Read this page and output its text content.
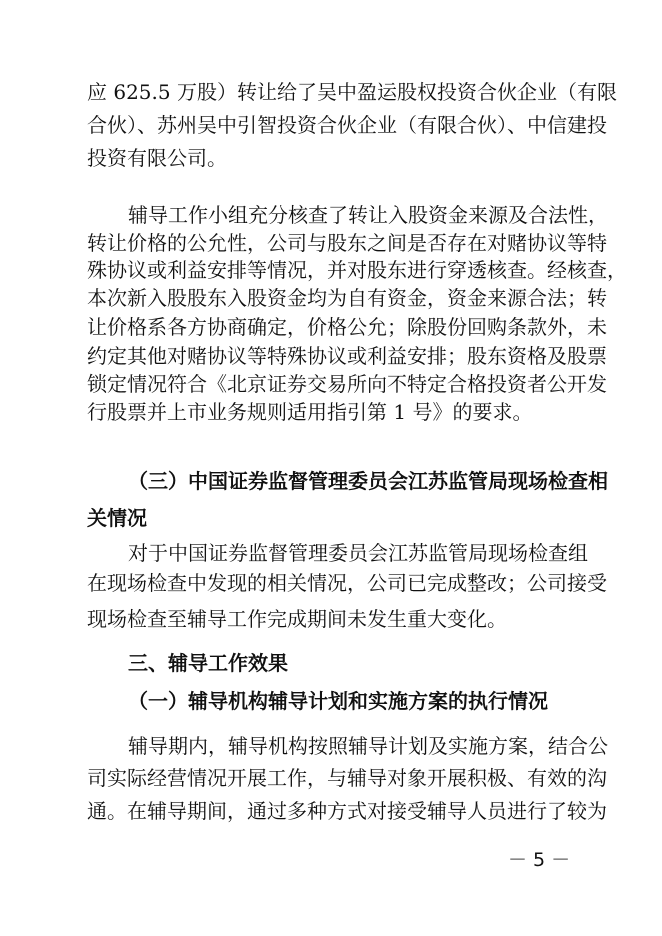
应 625.5 万股）转让给了吴中盈运股权投资合伙企业（有限
合伙）、苏州吴中引智投资合伙企业（有限合伙）、中信建投
投资有限公司。
辅导工作小组充分核查了转让入股资金来源及合法性，
转让价格的公允性，公司与股东之间是否存在对赌协议等特
殊协议或利益安排等情况，并对股东进行穿透核查。经核查，
本次新入股股东入股资金均为自有资金，资金来源合法；转
让价格系各方协商确定，价格公允；除股份回购条款外，未
约定其他对赌协议等特殊协议或利益安排；股东资格及股票
锁定情况符合《北京证券交易所向不特定合格投资者公开发
行股票并上市业务规则适用指引第 1 号》的要求。
（三）中国证券监督管理委员会江苏监管局现场检查相
关情况
对于中国证券监督管理委员会江苏监管局现场检查组
在现场检查中发现的相关情况，公司已完成整改；公司接受
现场检查至辅导工作完成期间未发生重大变化。
三、辅导工作效果
（一）辅导机构辅导计划和实施方案的执行情况
辅导期内，辅导机构按照辅导计划及实施方案，结合公
司实际经营情况开展工作，与辅导对象开展积极、有效的沟
通。在辅导期间，通过多种方式对接受辅导人员进行了较为
－ 5 －
